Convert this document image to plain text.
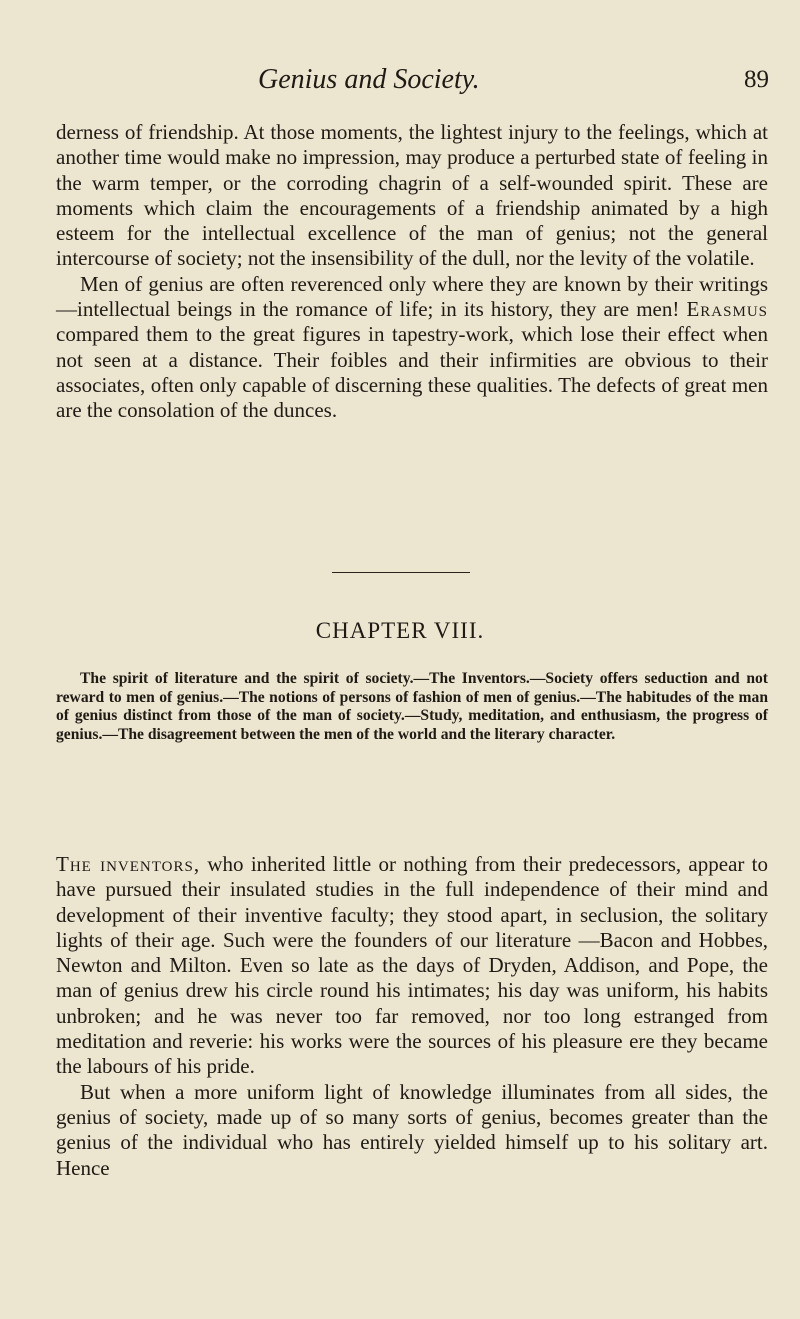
Genius and Society.	89

derness of friendship. At those moments, the lightest injury to the feelings, which at another time would make no impression, may produce a perturbed state of feeling in the warm temper, or the corroding chagrin of a self-wounded spirit. These are moments which claim the encouragements of a friendship animated by a high esteem for the intellectual excellence of the man of genius; not the general intercourse of society; not the insensibility of the dull, nor the levity of the volatile.

Men of genius are often reverenced only where they are known by their writings—intellectual beings in the romance of life; in its history, they are men! Erasmus compared them to the great figures in tapestry-work, which lose their effect when not seen at a distance. Their foibles and their infirmities are obvious to their associates, often only capable of discerning these qualities. The defects of great men are the consolation of the dunces.

CHAPTER VIII.
The spirit of literature and the spirit of society.—The Inventors.—Society offers seduction and not reward to men of genius.—The notions of persons of fashion of men of genius.—The habitudes of the man of genius distinct from those of the man of society.—Study, meditation, and enthusiasm, the progress of genius.—The disagreement between the men of the world and the literary character.

The inventors, who inherited little or nothing from their predecessors, appear to have pursued their insulated studies in the full independence of their mind and development of their inventive faculty; they stood apart, in seclusion, the solitary lights of their age. Such were the founders of our literature —Bacon and Hobbes, Newton and Milton. Even so late as the days of Dryden, Addison, and Pope, the man of genius drew his circle round his intimates; his day was uniform, his habits unbroken; and he was never too far removed, nor too long estranged from meditation and reverie: his works were the sources of his pleasure ere they became the labours of his pride.

But when a more uniform light of knowledge illuminates from all sides, the genius of society, made up of so many sorts of genius, becomes greater than the genius of the individual who has entirely yielded himself up to his solitary art. Hence
